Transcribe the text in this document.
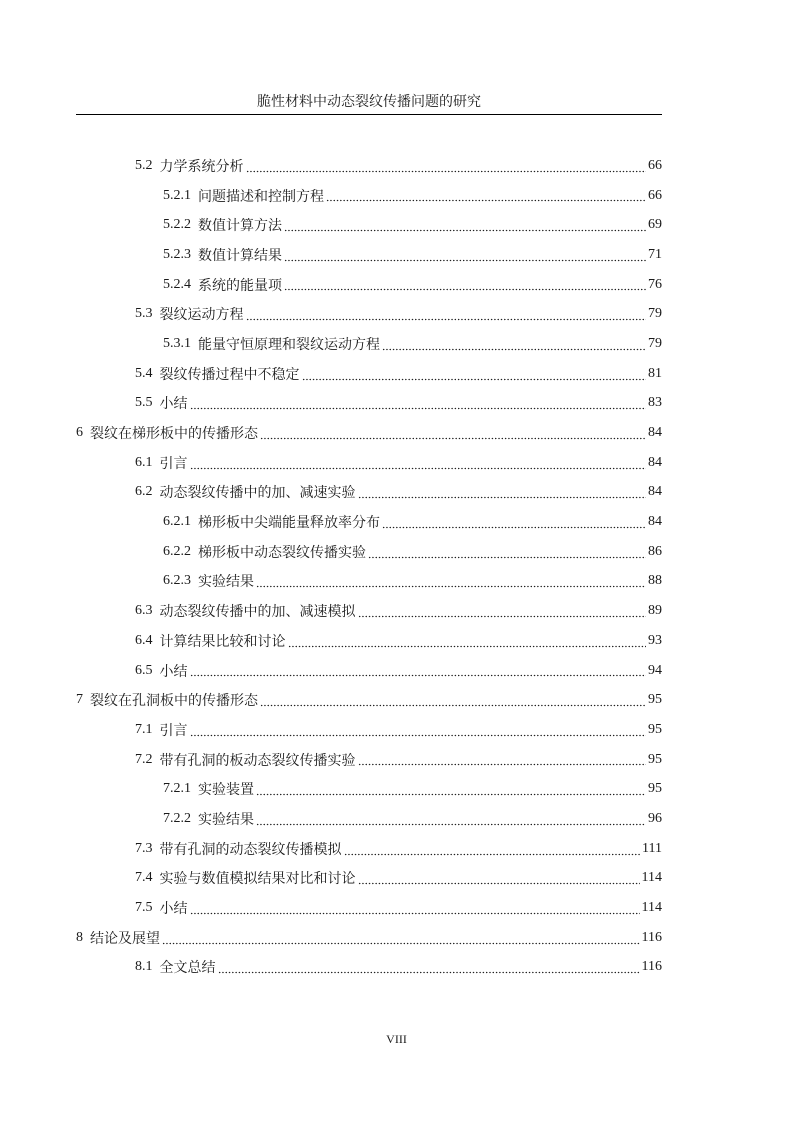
脆性材料中动态裂纹传播问题的研究
5.2 力学系统分析	66
5.2.1 问题描述和控制方程	66
5.2.2 数值计算方法	69
5.2.3 数值计算结果	71
5.2.4 系统的能量项	76
5.3 裂纹运动方程	79
5.3.1 能量守恒原理和裂纹运动方程	79
5.4 裂纹传播过程中不稳定	81
5.5 小结	83
6 裂纹在梯形板中的传播形态	84
6.1 引言	84
6.2 动态裂纹传播中的加、减速实验	84
6.2.1 梯形板中尖端能量释放率分布	84
6.2.2 梯形板中动态裂纹传播实验	86
6.2.3 实验结果	88
6.3 动态裂纹传播中的加、减速模拟	89
6.4 计算结果比较和讨论	93
6.5 小结	94
7 裂纹在孔洞板中的传播形态	95
7.1 引言	95
7.2 带有孔洞的板动态裂纹传播实验	95
7.2.1 实验装置	95
7.2.2 实验结果	96
7.3 带有孔洞的动态裂纹传播模拟	111
7.4 实验与数值模拟结果对比和讨论	114
7.5 小结	114
8 结论及展望	116
8.1 全文总结	116
VIII
